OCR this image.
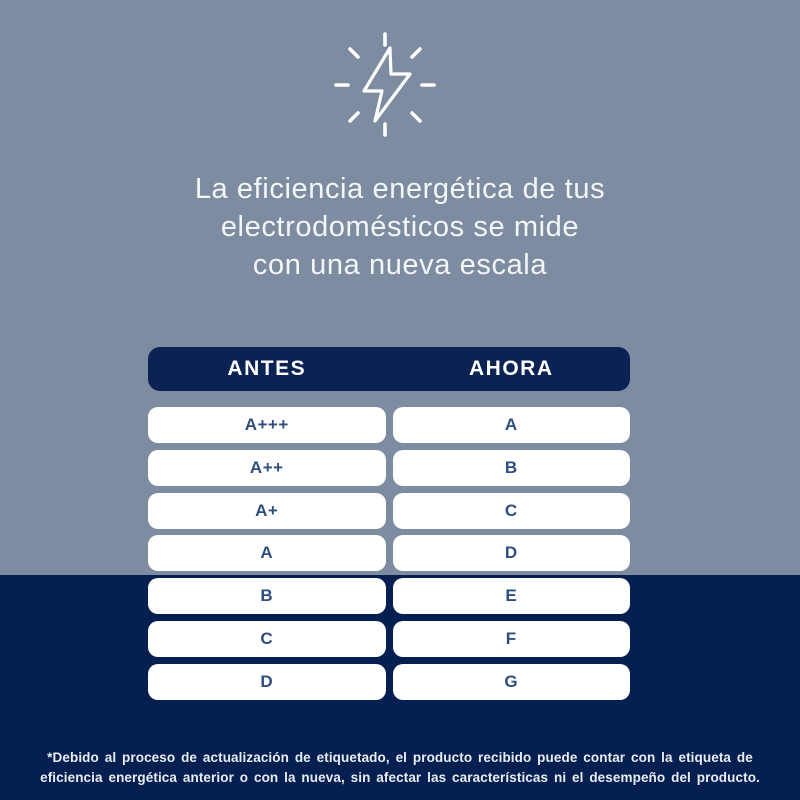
La eficiencia energética de tus
electrodomésticos se mide
con una nueva escala
ANTES	AHORA
A+++	A
A++	B
A+	C
A	D
B	E
C	F
D	G
*Debido al proceso de actualización de etiquetado, el producto recibido puede contar con la etiqueta de
eficiencia energética anterior o con la nueva, sin afectar las características ni el desempeño del producto.
